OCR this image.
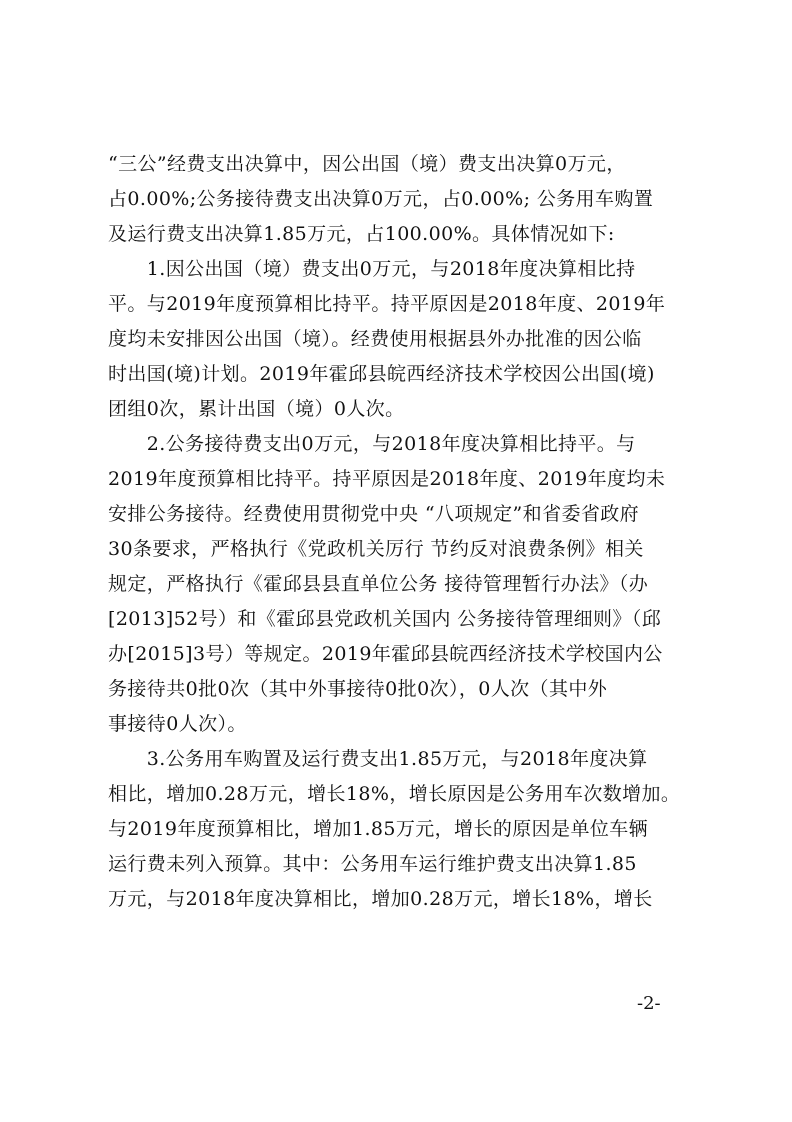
“三公”经费支出决算中，因公出国（境）费支出决算0万元，
占0.00%;公务接待费支出决算0万元，占0.00%; 公务用车购置
及运行费支出决算1.85万元，占100.00%。具体情况如下:

　　1.因公出国（境）费支出0万元，与2018年度决算相比持
平。与2019年度预算相比持平。持平原因是2018年度、2019年
度均未安排因公出国（境）。经费使用根据县外办批准的因公临
时出国(境)计划。2019年霍邱县皖西经济技术学校因公出国(境)
团组0次，累计出国（境）0人次。

　　2.公务接待费支出0万元，与2018年度决算相比持平。与
2019年度预算相比持平。持平原因是2018年度、2019年度均未
安排公务接待。经费使用贯彻党中央 “八项规定”和省委省政府
30条要求，严格执行《党政机关厉行 节约反对浪费条例》相关
规定，严格执行《霍邱县县直单位公务 接待管理暂行办法》（办
[2013]52号）和《霍邱县党政机关国内 公务接待管理细则》（邱
办[2015]3号）等规定。2019年霍邱县皖西经济技术学校国内公
务接待共0批0次（其中外事接待0批0次），0人次（其中外
事接待0人次）。

　　3.公务用车购置及运行费支出1.85万元，与2018年度决算
相比，增加0.28万元，增长18%，增长原因是公务用车次数增加。
与2019年度预算相比，增加1.85万元，增长的原因是单位车辆
运行费未列入预算。其中：公务用车运行维护费支出决算1.85
万元，与2018年度决算相比，增加0.28万元，增长18%，增长

-2-
